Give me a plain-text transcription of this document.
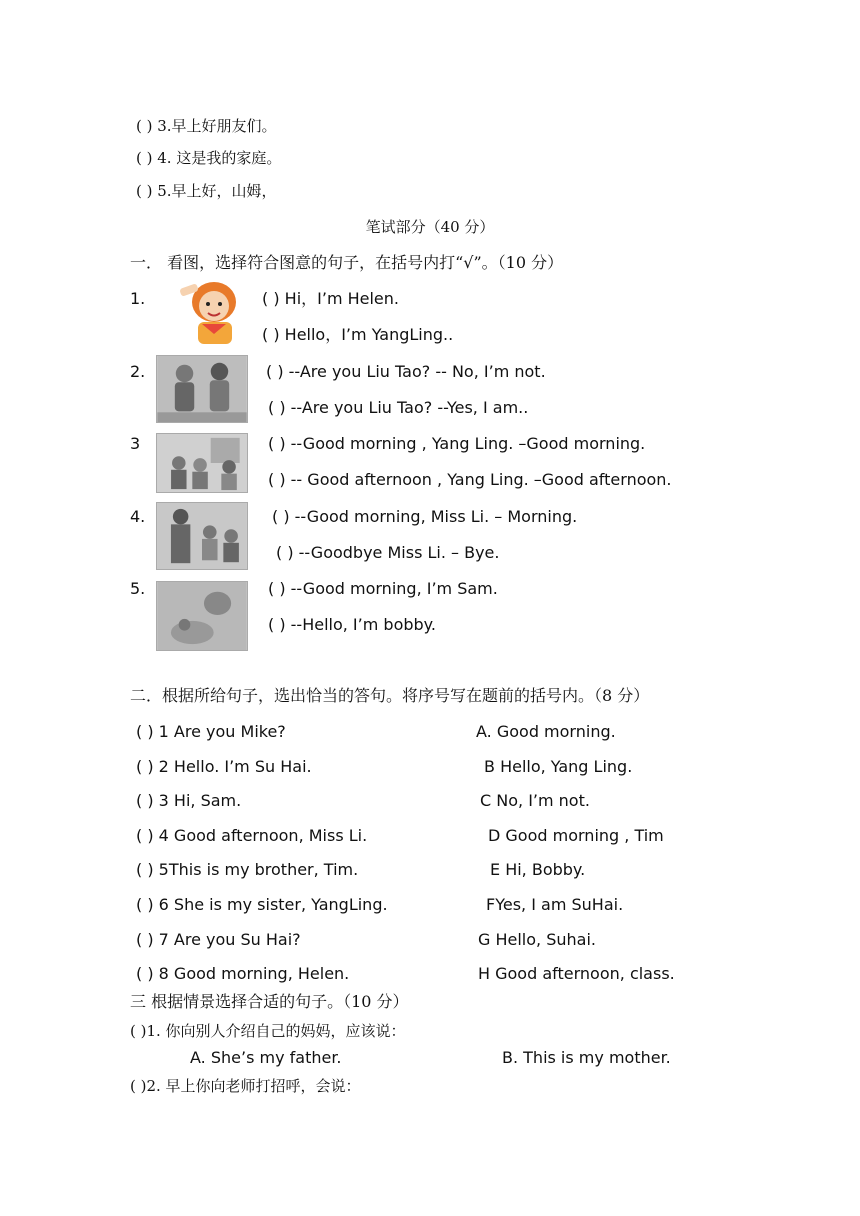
( ) 3.早上好朋友们。
( ) 4. 这是我的家庭。
( ) 5.早上好，山姆，
笔试部分（40 分）
一． 看图，选择符合图意的句子，在括号内打“√”。（10 分）
1.	( ) Hi，I’m Helen.
( ) Hello，I’m YangLing..
2.	( ) --Are you Liu Tao? -- No, I’m not.
( ) --Are you Liu Tao? --Yes, I am..
3	( ) --Good morning , Yang Ling. –Good morning.
( ) -- Good afternoon , Yang Ling. –Good afternoon.
4.	( ) --Good morning, Miss Li. – Morning.
( ) --Goodbye Miss Li. – Bye.
5.	( ) --Good morning, I’m Sam.
( ) --Hello, I’m bobby.
二．根据所给句子，选出恰当的答句。将序号写在题前的括号内。（8 分）
( ) 1 Are you Mike?	A. Good morning.
( ) 2 Hello. I’m Su Hai.	B Hello, Yang Ling.
( ) 3 Hi, Sam.	C No, I’m not.
( ) 4 Good afternoon, Miss Li.	D Good morning , Tim
( ) 5This is my brother, Tim.	E Hi, Bobby.
( ) 6 She is my sister, YangLing.	FYes, I am SuHai.
( ) 7 Are you Su Hai?	G Hello, Suhai.
( ) 8 Good morning, Helen.	H Good afternoon, class.
三 根据情景选择合适的句子。（10 分）
( )1. 你向别人介绍自己的妈妈，应该说：
A. She’s my father.	B. This is my mother.
( )2. 早上你向老师打招呼，会说：
